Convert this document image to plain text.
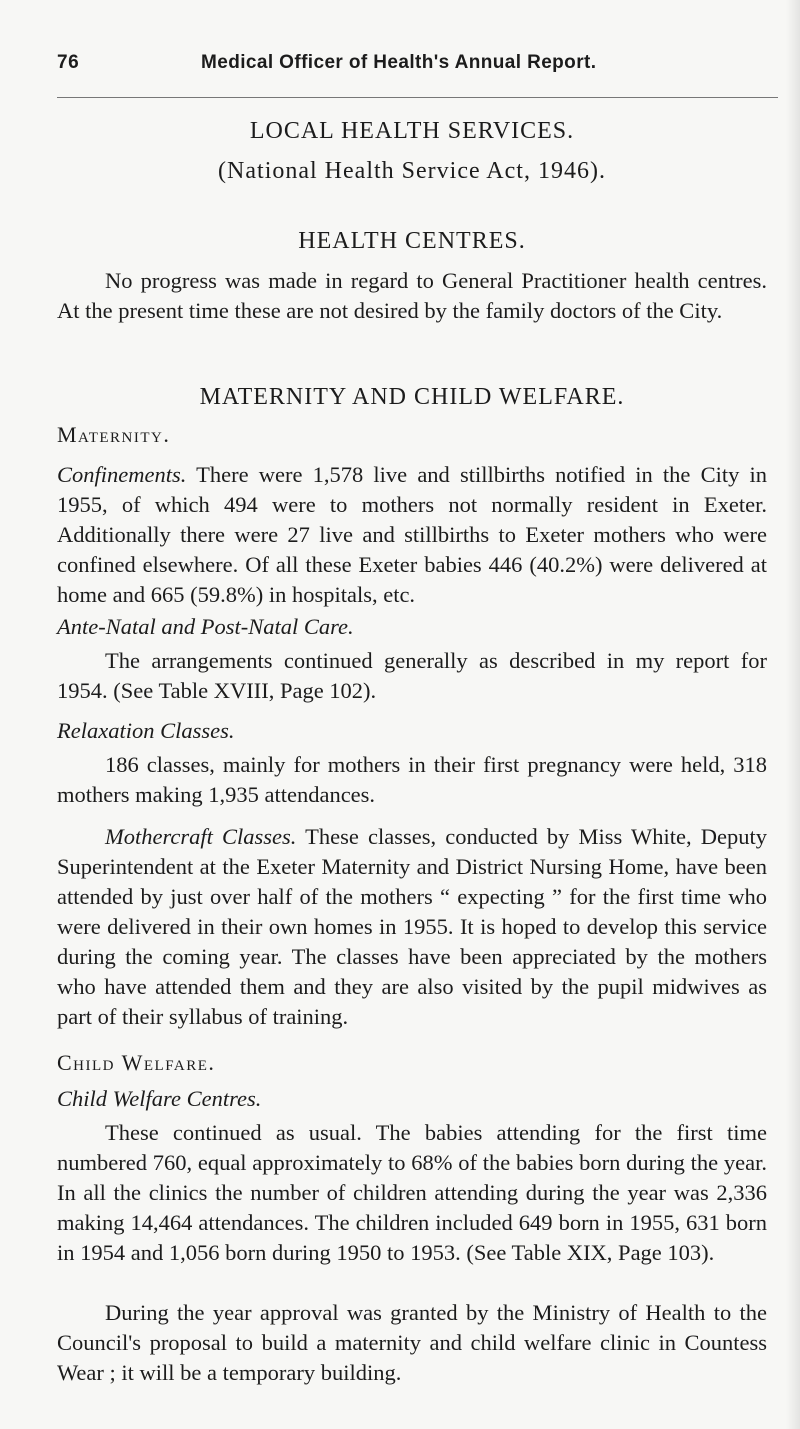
76	Medical Officer of Health's Annual Report.
LOCAL HEALTH SERVICES.
(National Health Service Act, 1946).
HEALTH CENTRES.

No progress was made in regard to General Practitioner health centres. At the present time these are not desired by the family doctors of the City.

MATERNITY AND CHILD WELFARE.
Maternity.

Confinements. There were 1,578 live and stillbirths notified in the City in 1955, of which 494 were to mothers not normally resident in Exeter. Additionally there were 27 live and stillbirths to Exeter mothers who were confined elsewhere. Of all these Exeter babies 446 (40.2%) were delivered at home and 665 (59.8%) in hospitals, etc.

Ante-Natal and Post-Natal Care.

The arrangements continued generally as described in my report for 1954. (See Table XVIII, Page 102).

Relaxation Classes.

186 classes, mainly for mothers in their first pregnancy were held, 318 mothers making 1,935 attendances.

Mothercraft Classes. These classes, conducted by Miss White, Deputy Superintendent at the Exeter Maternity and District Nursing Home, have been attended by just over half of the mothers “ expecting ” for the first time who were delivered in their own homes in 1955. It is hoped to develop this service during the coming year. The classes have been appreciated by the mothers who have attended them and they are also visited by the pupil midwives as part of their syllabus of training.

Child Welfare.
Child Welfare Centres.

These continued as usual. The babies attending for the first time numbered 760, equal approximately to 68% of the babies born during the year. In all the clinics the number of children attending during the year was 2,336 making 14,464 attendances. The children included 649 born in 1955, 631 born in 1954 and 1,056 born during 1950 to 1953. (See Table XIX, Page 103).

During the year approval was granted by the Ministry of Health to the Council's proposal to build a maternity and child welfare clinic in Countess Wear ; it will be a temporary building.
